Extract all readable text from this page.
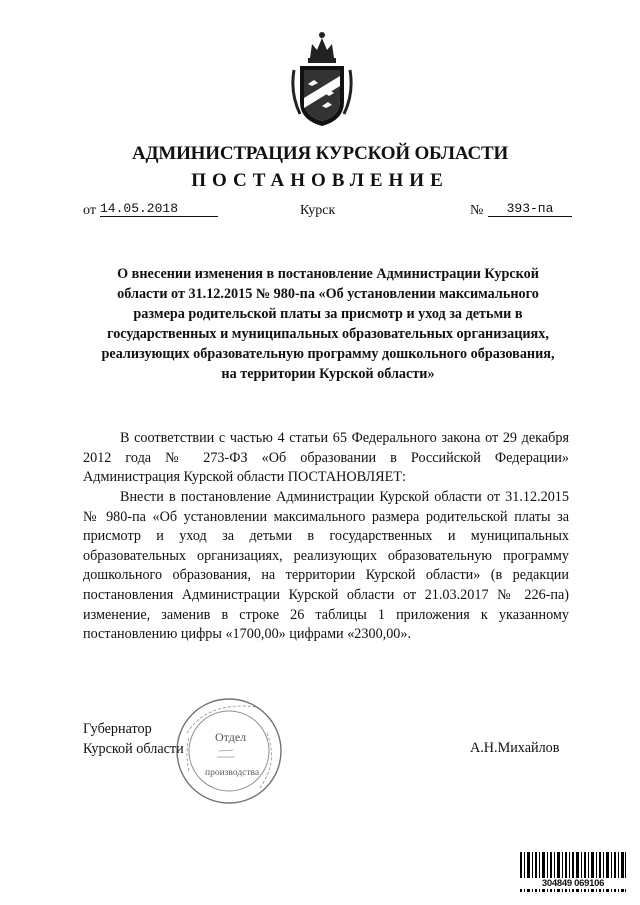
АДМИНИСТРАЦИЯ КУРСКОЙ ОБЛАСТИ
ПОСТАНОВЛЕНИЕ
от 14.05.2018	Курск	№	393-па
О внесении изменения в постановление Администрации Курской области от 31.12.2015 № 980-па «Об установлении максимального размера родительской платы за присмотр и уход за детьми в государственных и муниципальных образовательных организациях, реализующих образовательную программу дошкольного образования, на территории Курской области»
В соответствии с частью 4 статьи 65 Федерального закона от 29 декабря 2012 года № 273-ФЗ «Об образовании в Российской Федерации» Администрация Курской области ПОСТАНОВЛЯЕТ:
Внести в постановление Администрации Курской области от 31.12.2015 № 980-па «Об установлении максимального размера родительской платы за присмотр и уход за детьми в государственных и муниципальных образовательных организациях, реализующих образовательную программу дошкольного образования, на территории Курской области» (в редакции постановления Администрации Курской области от 21.03.2017 № 226-па) изменение, заменив в строке 26 таблицы 1 приложения к указанному постановлению цифры «1700,00» цифрами «2300,00».
Губернатор
Курской области	А.Н.Михайлов
Отдел
производства
304849 069106
